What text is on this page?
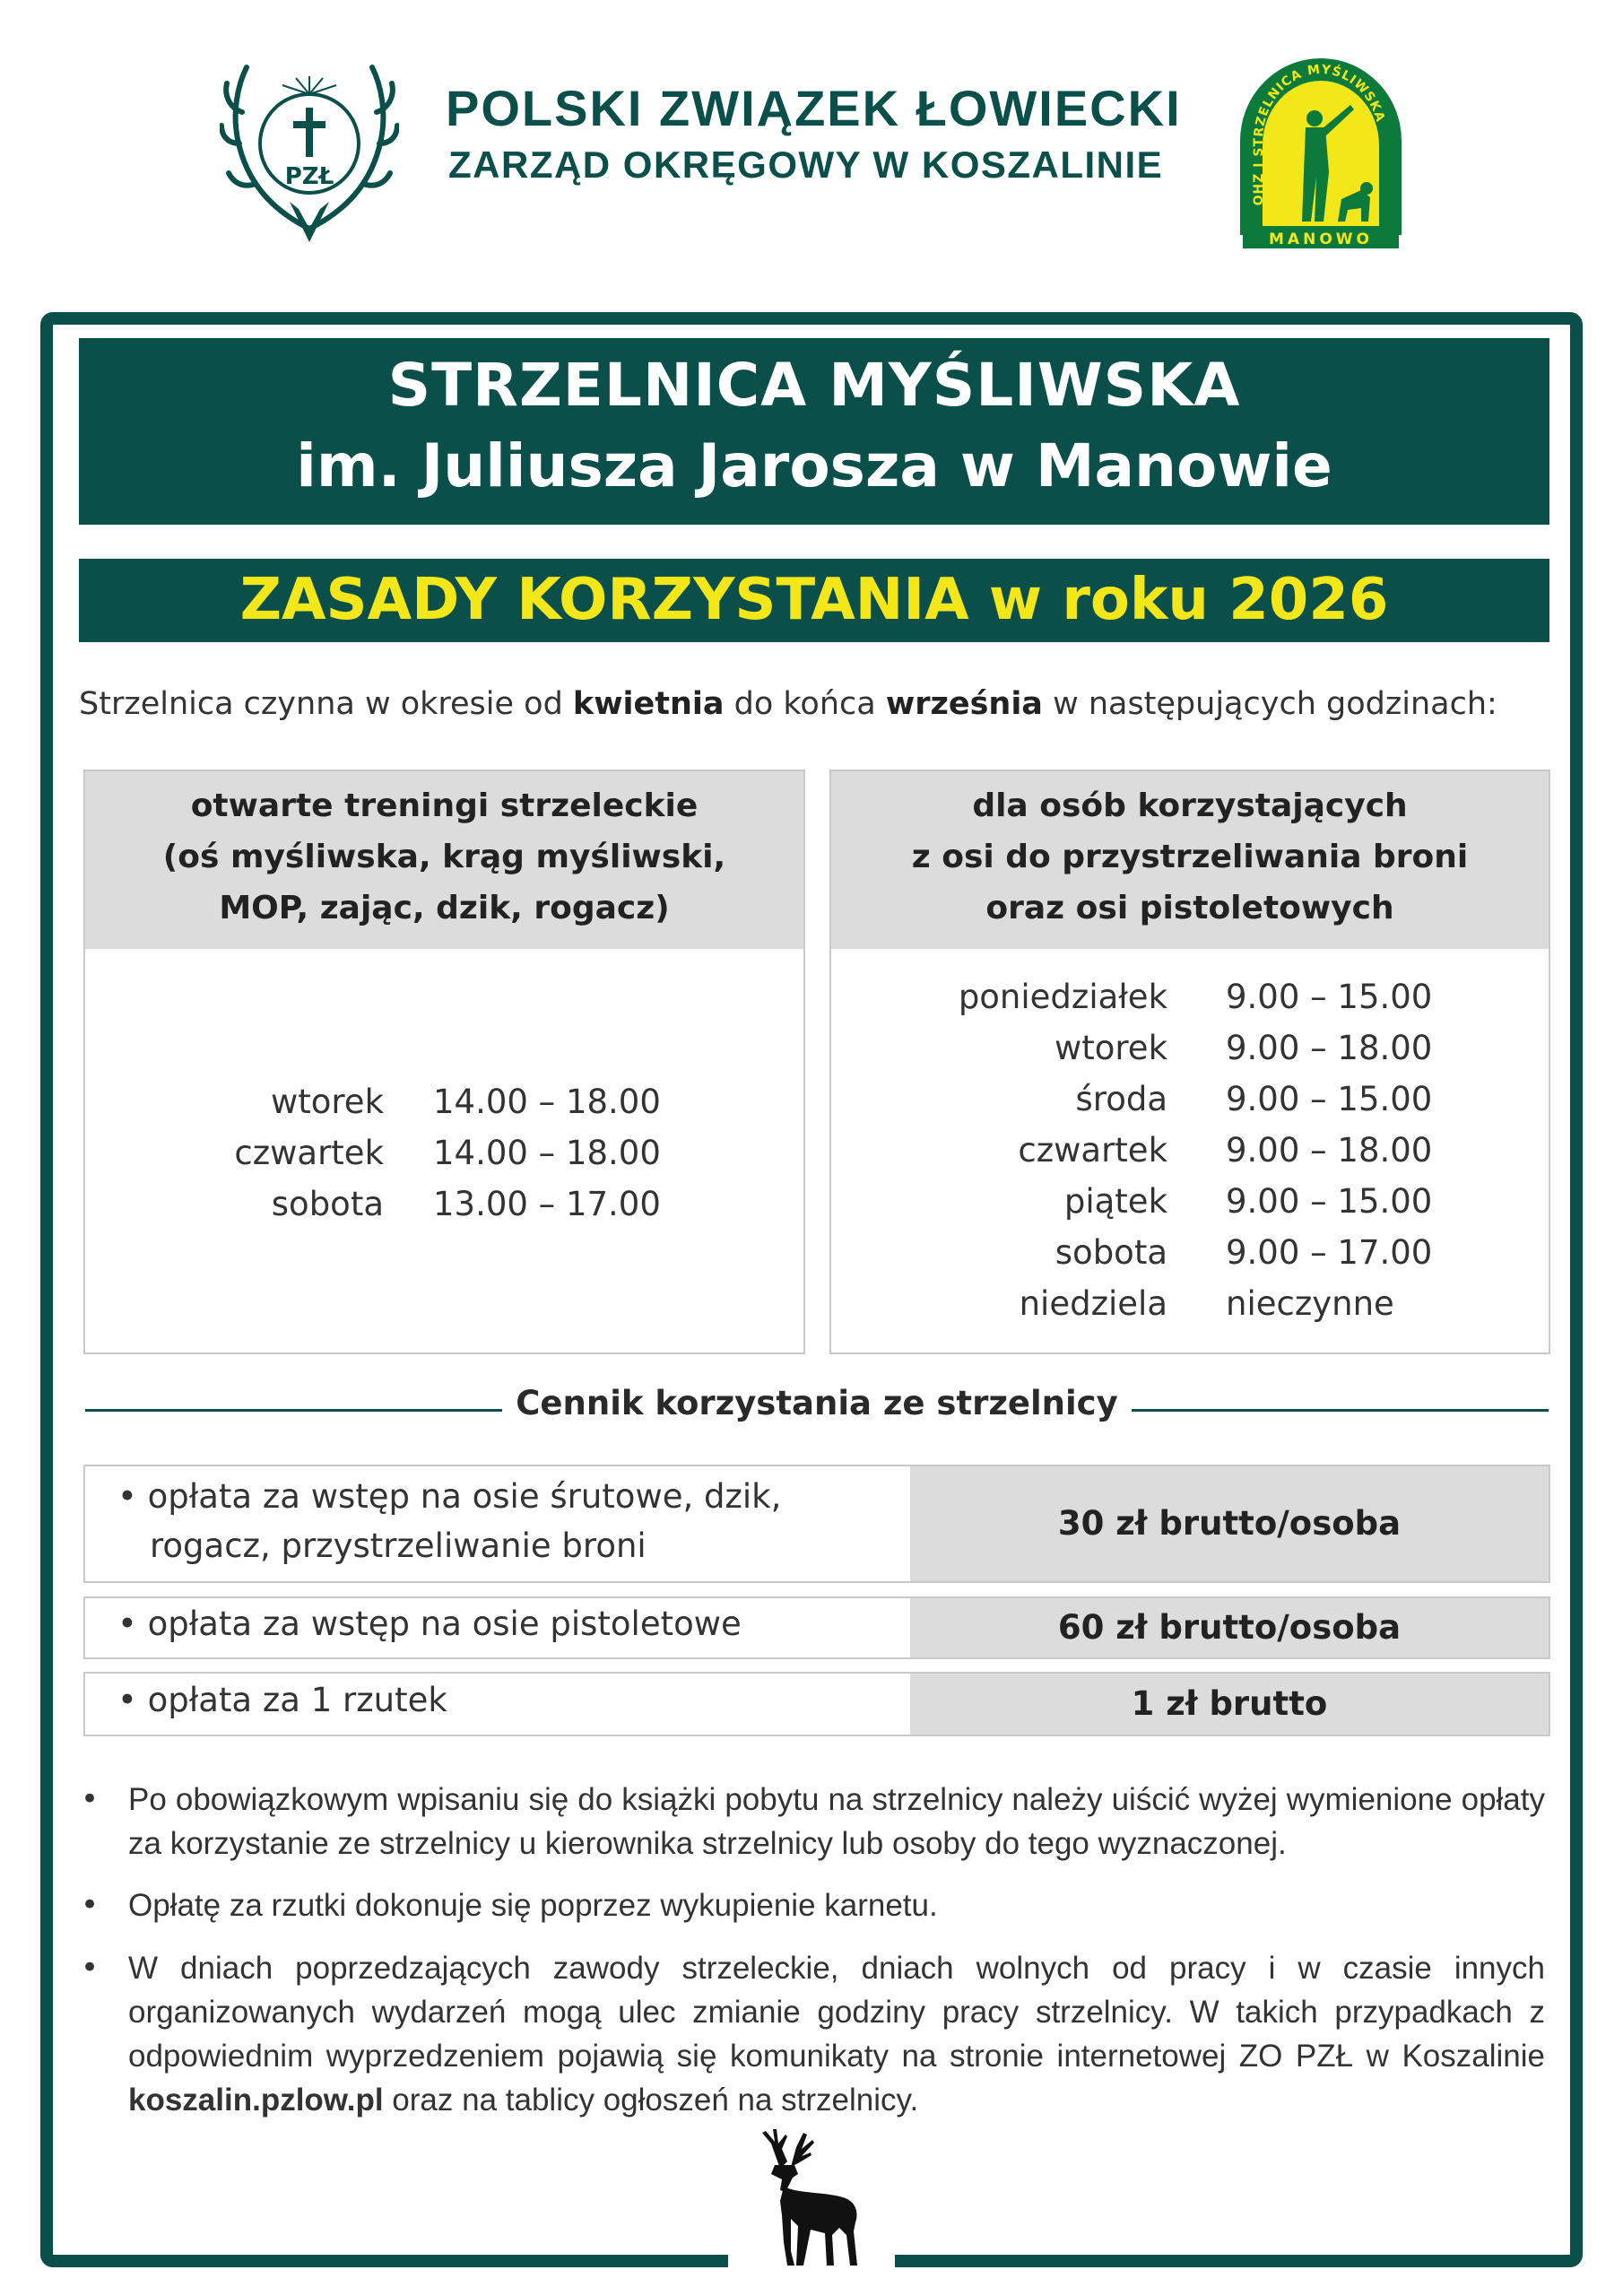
PZŁ
POLSKI ZWIĄZEK ŁOWIECKI
ZARZĄD OKRĘGOWY W KOSZALINIE
OHZ I STRZELNICA MYŚLIWSKA
MANOWO
STRZELNICA MYŚLIWSKA
im. Juliusza Jarosza w Manowie
ZASADY KORZYSTANIA w roku 2026
Strzelnica czynna w okresie od kwietnia do końca września w następujących godzinach:
otwarte treningi strzeleckie
(oś myśliwska, krąg myśliwski,
MOP, zając, dzik, rogacz)
wtorek 14.00 – 18.00
czwartek 14.00 – 18.00
sobota 13.00 – 17.00
dla osób korzystających
z osi do przystrzeliwania broni
oraz osi pistoletowych
poniedziałek 9.00 – 15.00
wtorek 9.00 – 18.00
środa 9.00 – 15.00
czwartek 9.00 – 18.00
piątek 9.00 – 15.00
sobota 9.00 – 17.00
niedziela nieczynne
Cennik korzystania ze strzelnicy
• opłata za wstęp na osie śrutowe, dzik,
rogacz, przystrzeliwanie broni
30 zł brutto/osoba
• opłata za wstęp na osie pistoletowe	60 zł brutto/osoba
• opłata za 1 rzutek	1 zł brutto
• Po obowiązkowym wpisaniu się do książki pobytu na strzelnicy należy uiścić wyżej wymienione opłaty za korzystanie ze strzelnicy u kierownika strzelnicy lub osoby do tego wyznaczonej.
• Opłatę za rzutki dokonuje się poprzez wykupienie karnetu.
• W dniach poprzedzających zawody strzeleckie, dniach wolnych od pracy i w czasie innych organizowanych wydarzeń mogą ulec zmianie godziny pracy strzelnicy. W takich przypadkach z odpowiednim wyprzedzeniem pojawią się komunikaty na stronie internetowej ZO PZŁ w Koszalinie koszalin.pzlow.pl oraz na tablicy ogłoszeń na strzelnicy.
